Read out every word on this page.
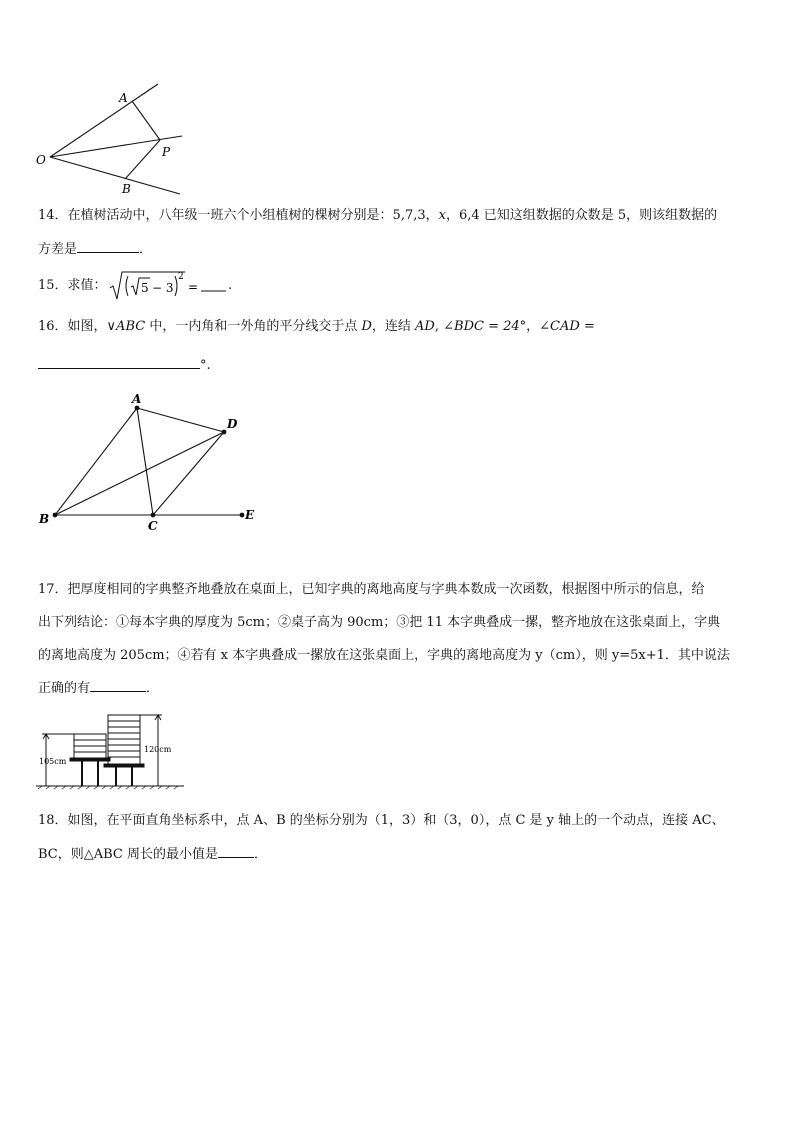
A
P
O
B
14．在植树活动中，八年级一班六个小组植树的棵树分别是：5,7,3，x，6,4 已知这组数据的众数是 5，则该组数据的
方差是	．
15．求值：	5 − 3
2
= .
16．如图，∨ABC 中，一内角和一外角的平分线交于点 D，连结 AD, ∠BDC = 24°，∠CAD =
°.
A
D
B	C
E
17．把厚度相同的字典整齐地叠放在桌面上，已知字典的离地高度与字典本数成一次函数，根据图中所示的信息，给
出下列结论：①每本字典的厚度为 5cm；②桌子高为 90cm；③把 11 本字典叠成一摞，整齐地放在这张桌面上，字典
的离地高度为 205cm；④若有 x 本字典叠成一摞放在这张桌面上，字典的离地高度为 y（cm），则 y=5x+1．其中说法
正确的有	．
105cm
120cm
18．如图，在平面直角坐标系中，点 A、B 的坐标分别为（1，3）和（3，0），点 C 是 y 轴上的一个动点，连接 AC、
BC，则△ABC 周长的最小值是	．
